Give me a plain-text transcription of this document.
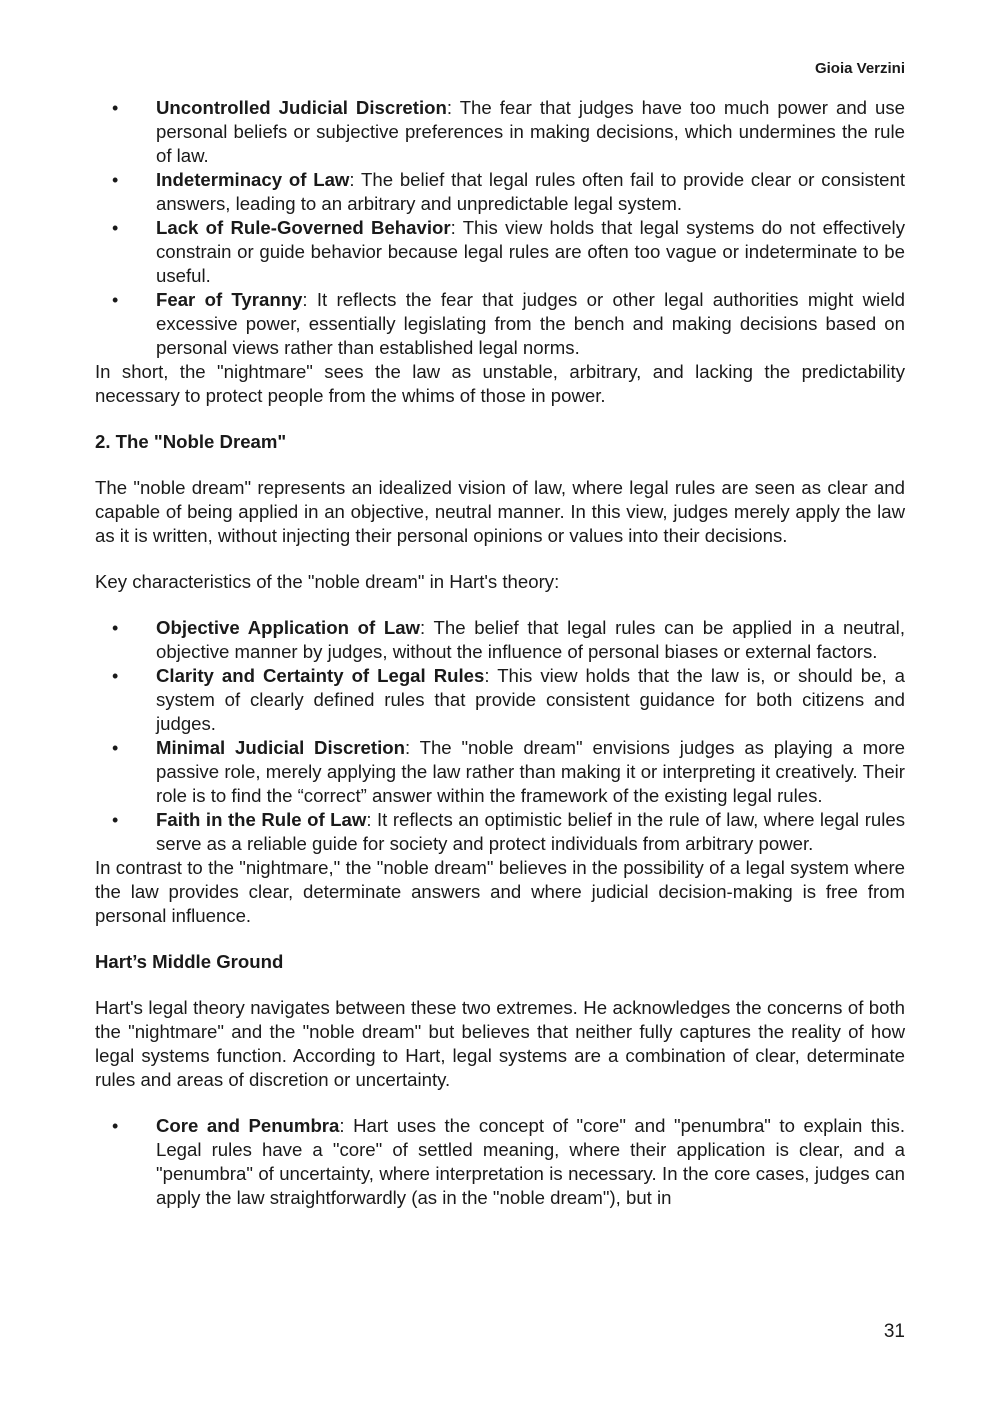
Gioia Verzini
• Uncontrolled Judicial Discretion: The fear that judges have too much power and use personal beliefs or subjective preferences in making decisions, which undermines the rule of law.
• Indeterminacy of Law: The belief that legal rules often fail to provide clear or consistent answers, leading to an arbitrary and unpredictable legal system.
• Lack of Rule-Governed Behavior: This view holds that legal systems do not effectively constrain or guide behavior because legal rules are often too vague or indeterminate to be useful.
• Fear of Tyranny: It reflects the fear that judges or other legal authorities might wield excessive power, essentially legislating from the bench and making decisions based on personal views rather than established legal norms.

In short, the "nightmare" sees the law as unstable, arbitrary, and lacking the predictability necessary to protect people from the whims of those in power.

2. The "Noble Dream"

The "noble dream" represents an idealized vision of law, where legal rules are seen as clear and capable of being applied in an objective, neutral manner. In this view, judges merely apply the law as it is written, without injecting their personal opinions or values into their decisions.

Key characteristics of the "noble dream" in Hart's theory:

• Objective Application of Law: The belief that legal rules can be applied in a neutral, objective manner by judges, without the influence of personal biases or external factors.
• Clarity and Certainty of Legal Rules: This view holds that the law is, or should be, a system of clearly defined rules that provide consistent guidance for both citizens and judges.
• Minimal Judicial Discretion: The "noble dream" envisions judges as playing a more passive role, merely applying the law rather than making it or interpreting it creatively. Their role is to find the “correct” answer within the framework of the existing legal rules.
• Faith in the Rule of Law: It reflects an optimistic belief in the rule of law, where legal rules serve as a reliable guide for society and protect individuals from arbitrary power.

In contrast to the "nightmare," the "noble dream" believes in the possibility of a legal system where the law provides clear, determinate answers and where judicial decision-making is free from personal influence.

Hart’s Middle Ground

Hart's legal theory navigates between these two extremes. He acknowledges the concerns of both the "nightmare" and the "noble dream" but believes that neither fully captures the reality of how legal systems function. According to Hart, legal systems are a combination of clear, determinate rules and areas of discretion or uncertainty.

• Core and Penumbra: Hart uses the concept of "core" and "penumbra" to explain this. Legal rules have a "core" of settled meaning, where their application is clear, and a "penumbra" of uncertainty, where interpretation is necessary. In the core cases, judges can apply the law straightforwardly (as in the "noble dream"), but in
31
